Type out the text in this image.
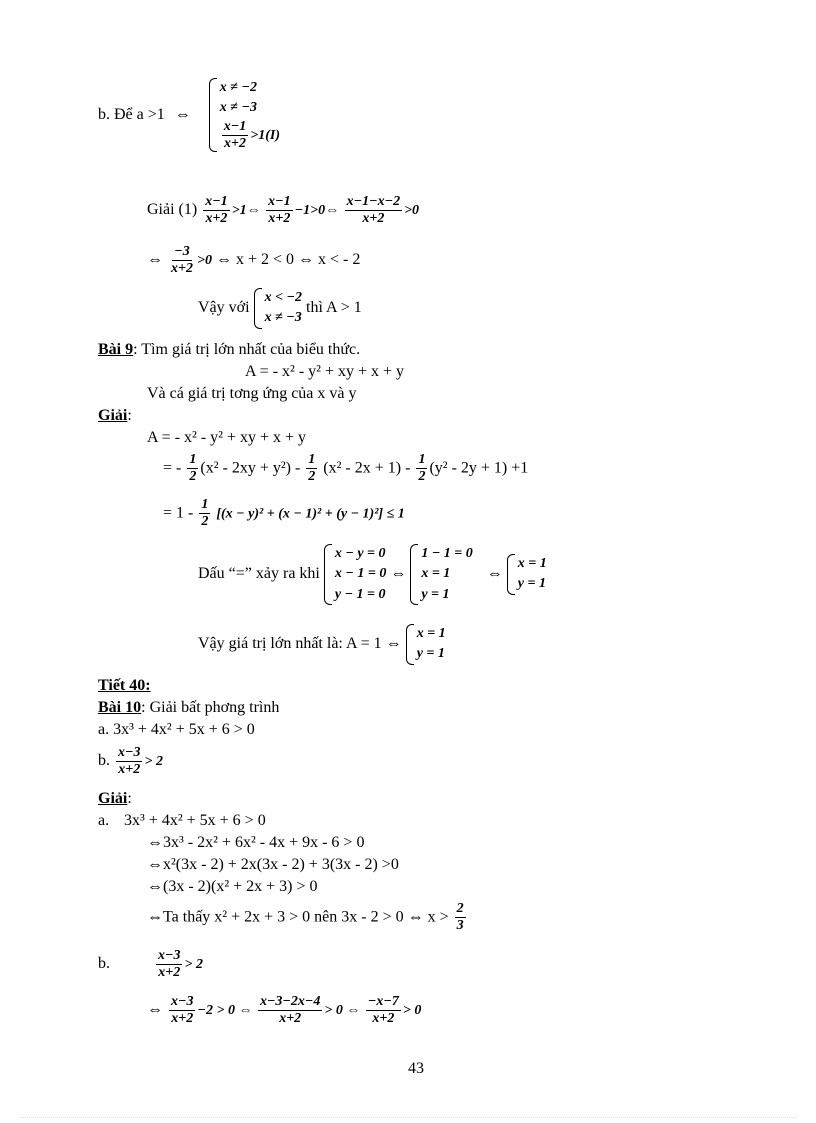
b. Để a >1 ⇔
x ≠ −2
x ≠ −3
$\frac{x-1}{x+2} >1(I)$
Giải $(1) \frac{x-1}{x+2}$ >1⇔ $\frac{x-1}{x+2}$ −1>0⇔ $\frac{x-1-x-2}{x+2} >0$
⇔ $\frac{-3}{x+2} >0$ ⇔ x + 2 < 0 ⇔ x < - 2
Vậy với
x < −2
x ≠ −3
thì A > 1
Bài 9: Tìm giá trị lớn nhất của biểu thức.
A = - x² - y² + xy + x + y
Và cá giá trị tơng ứng của x và y
Giải:
A = - x² - y² + xy + x + y
= - $\frac{1}{2} (x^2 - 2xy + y^2) - \frac{1}{2} (x^2 - 2x + 1) - \frac{1}{2} (y^2 - 2y + 1) +1$
= $1 - \frac{1}{2} [(x - y)^2 + (x - 1)^2 + (y - 1)^2] \le 1$
Dấu “=” xảy ra khi
x − y = 0
x − 1 = 0
y − 1 = 0
⇔
1 − 1 = 0
x = 1
y = 1
⇔
x = 1
y = 1
Vậy giá trị lớn nhất là: A = 1 ⇔
x = 1
y = 1
Tiết 40:
Bài 10: Giải bất phơng trình
a. 3x³ + 4x² + 5x + 6 > 0
b. $\frac{x-3}{x+2} > 2$
Giải:
a. 3x³ + 4x² + 5x + 6 > 0
⇔3x³ - 2x² + 6x² - 4x + 9x - 6 > 0
⇔x²(3x - 2) + 2x(3x - 2) + 3(3x - 2) >0
⇔(3x - 2)(x² + 2x + 3) > 0
⇔Ta thấy x² + 2x + 3 > 0 nên 3x - 2 > 0 ⇔ $x > \frac{2}{3}$
b.	$\frac{x-3}{x+2} > 2$
⇔ $\frac{x-3}{x+2} -2 > 0$ ⇔ $\frac{x-3-2x-4}{x+2} > 0$ ⇔ $\frac{-x-7}{x+2} > 0$
43
